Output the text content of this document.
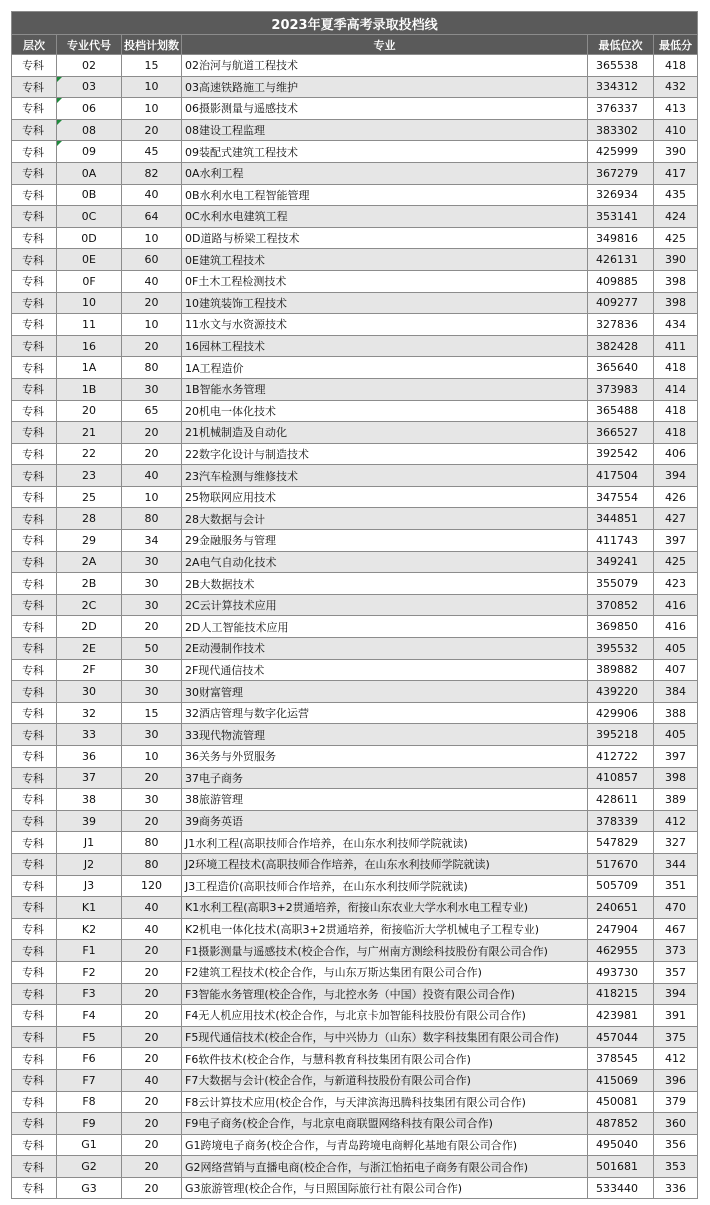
2023年夏季高考录取投档线					
层次	专业代号	投档计划数	专业	最低位次	最低分
专科	02	15	02治河与航道工程技术	365538	418
专科	03	10	03高速铁路施工与维护	334312	432
专科	06	10	06摄影测量与遥感技术	376337	413
专科	08	20	08建设工程监理	383302	410
专科	09	45	09装配式建筑工程技术	425999	390
专科	0A	82	0A水利工程	367279	417
专科	0B	40	0B水利水电工程智能管理	326934	435
专科	0C	64	0C水利水电建筑工程	353141	424
专科	0D	10	0D道路与桥梁工程技术	349816	425
专科	0E	60	0E建筑工程技术	426131	390
专科	0F	40	0F土木工程检测技术	409885	398
专科	10	20	10建筑装饰工程技术	409277	398
专科	11	10	11水文与水资源技术	327836	434
专科	16	20	16园林工程技术	382428	411
专科	1A	80	1A工程造价	365640	418
专科	1B	30	1B智能水务管理	373983	414
专科	20	65	20机电一体化技术	365488	418
专科	21	20	21机械制造及自动化	366527	418
专科	22	20	22数字化设计与制造技术	392542	406
专科	23	40	23汽车检测与维修技术	417504	394
专科	25	10	25物联网应用技术	347554	426
专科	28	80	28大数据与会计	344851	427
专科	29	34	29金融服务与管理	411743	397
专科	2A	30	2A电气自动化技术	349241	425
专科	2B	30	2B大数据技术	355079	423
专科	2C	30	2C云计算技术应用	370852	416
专科	2D	20	2D人工智能技术应用	369850	416
专科	2E	50	2E动漫制作技术	395532	405
专科	2F	30	2F现代通信技术	389882	407
专科	30	30	30财富管理	439220	384
专科	32	15	32酒店管理与数字化运营	429906	388
专科	33	30	33现代物流管理	395218	405
专科	36	10	36关务与外贸服务	412722	397
专科	37	20	37电子商务	410857	398
专科	38	30	38旅游管理	428611	389
专科	39	20	39商务英语	378339	412
专科	J1	80	J1水利工程(高职技师合作培养，在山东水利技师学院就读)	547829	327
专科	J2	80	J2环境工程技术(高职技师合作培养，在山东水利技师学院就读)	517670	344
专科	J3	120	J3工程造价(高职技师合作培养，在山东水利技师学院就读)	505709	351
专科	K1	40	K1水利工程(高职3+2贯通培养，衔接山东农业大学水利水电工程专业)	240651	470
专科	K2	40	K2机电一体化技术(高职3+2贯通培养，衔接临沂大学机械电子工程专业)	247904	467
专科	F1	20	F1摄影测量与遥感技术(校企合作，与广州南方测绘科技股份有限公司合作)	462955	373
专科	F2	20	F2建筑工程技术(校企合作，与山东万斯达集团有限公司合作)	493730	357
专科	F3	20	F3智能水务管理(校企合作，与北控水务（中国）投资有限公司合作)	418215	394
专科	F4	20	F4无人机应用技术(校企合作，与北京卡加智能科技股份有限公司合作)	423981	391
专科	F5	20	F5现代通信技术(校企合作，与中兴协力（山东）数字科技集团有限公司合作)	457044	375
专科	F6	20	F6软件技术(校企合作，与慧科教育科技集团有限公司合作)	378545	412
专科	F7	40	F7大数据与会计(校企合作，与新道科技股份有限公司合作)	415069	396
专科	F8	20	F8云计算技术应用(校企合作，与天津滨海迅腾科技集团有限公司合作)	450081	379
专科	F9	20	F9电子商务(校企合作，与北京电商联盟网络科技有限公司合作)	487852	360
专科	G1	20	G1跨境电子商务(校企合作，与青岛跨境电商孵化基地有限公司合作)	495040	356
专科	G2	20	G2网络营销与直播电商(校企合作，与浙江怡拓电子商务有限公司合作)	501681	353
专科	G3	20	G3旅游管理(校企合作，与日照国际旅行社有限公司合作)	533440	336
